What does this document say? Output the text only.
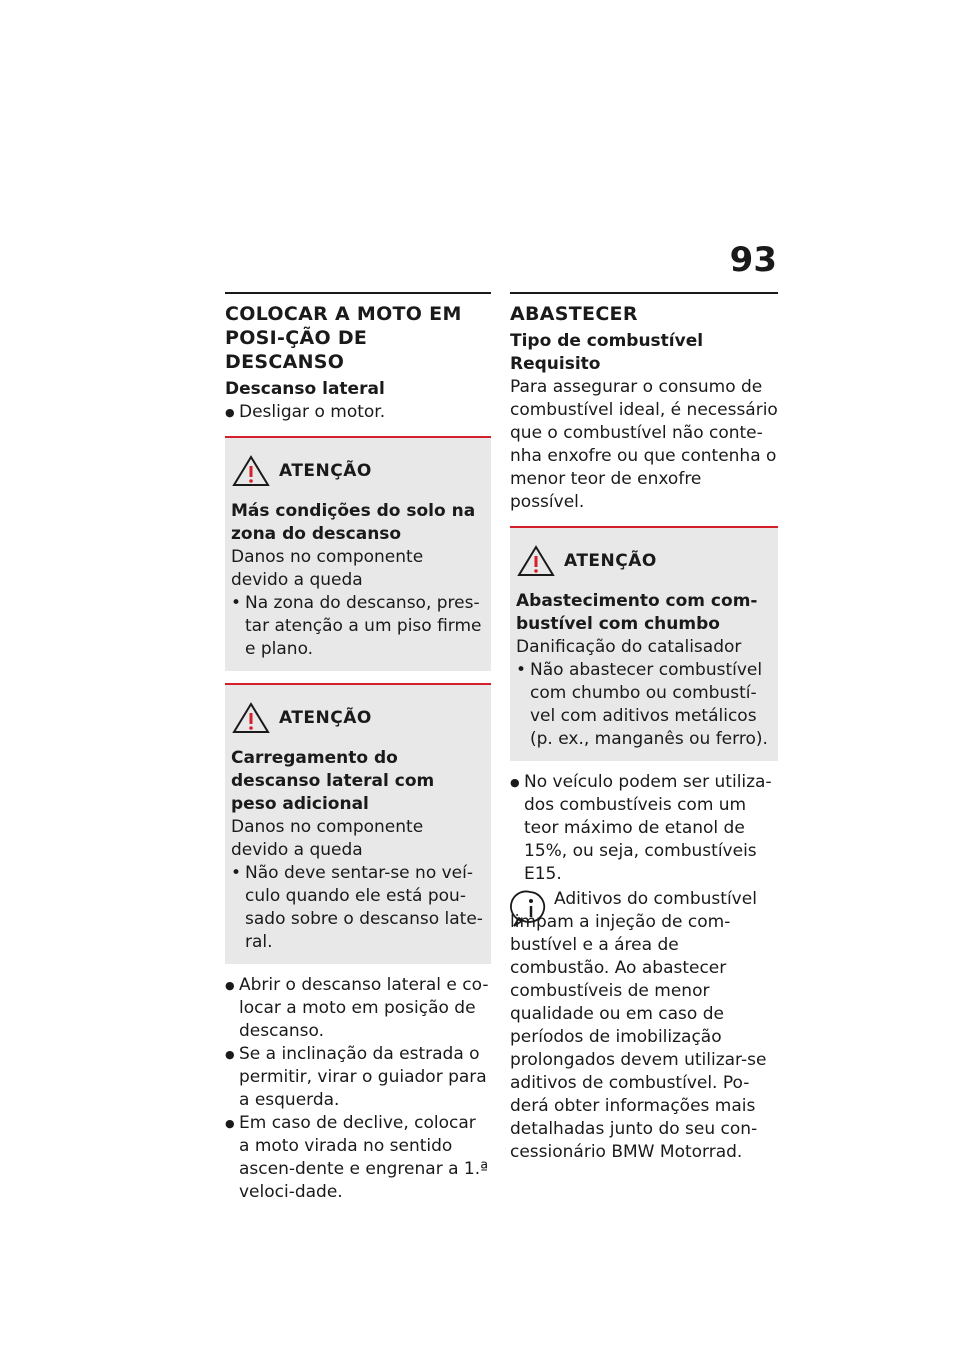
93
COLOCAR A MOTO EM POSI-ÇÃO DE DESCANSO
Descanso lateral
● Desligar o motor.
ATENÇÃO
Más condições do solo na zona do descanso

Danos no componente devido a queda

• Na zona do descanso, pres-tar atenção a um piso firme e plano.
ATENÇÃO
Carregamento do descanso lateral com peso adicional

Danos no componente devido a queda

• Não deve sentar-se no veí-culo quando ele está pou-sado sobre o descanso late-ral.
● Abrir o descanso lateral e co-locar a moto em posição de descanso.
● Se a inclinação da estrada o permitir, virar o guiador para a esquerda.
● Em caso de declive, colocar a moto virada no sentido ascen-dente e engrenar a 1.ª veloci-dade.
ABASTECER
Tipo de combustível
Requisito

Para assegurar o consumo de combustível ideal, é necessário que o combustível não conte-nha enxofre ou que contenha o menor teor de enxofre possível.

ATENÇÃO
Abastecimento com com-bustível com chumbo

Danificação do catalisador

• Não abastecer combustível com chumbo ou combustí-vel com aditivos metálicos (p. ex., manganês ou ferro).
● No veículo podem ser utiliza-dos combustíveis com um teor máximo de etanol de 15%, ou seja, combustíveis E15.

Aditivos do combustível limpam a injeção de com-bustível e a área de combustão. Ao abastecer combustíveis de menor qualidade ou em caso de períodos de imobilização prolongados devem utilizar-se aditivos de combustível. Po-derá obter informações mais detalhadas junto do seu con-cessionário BMW Motorrad.
